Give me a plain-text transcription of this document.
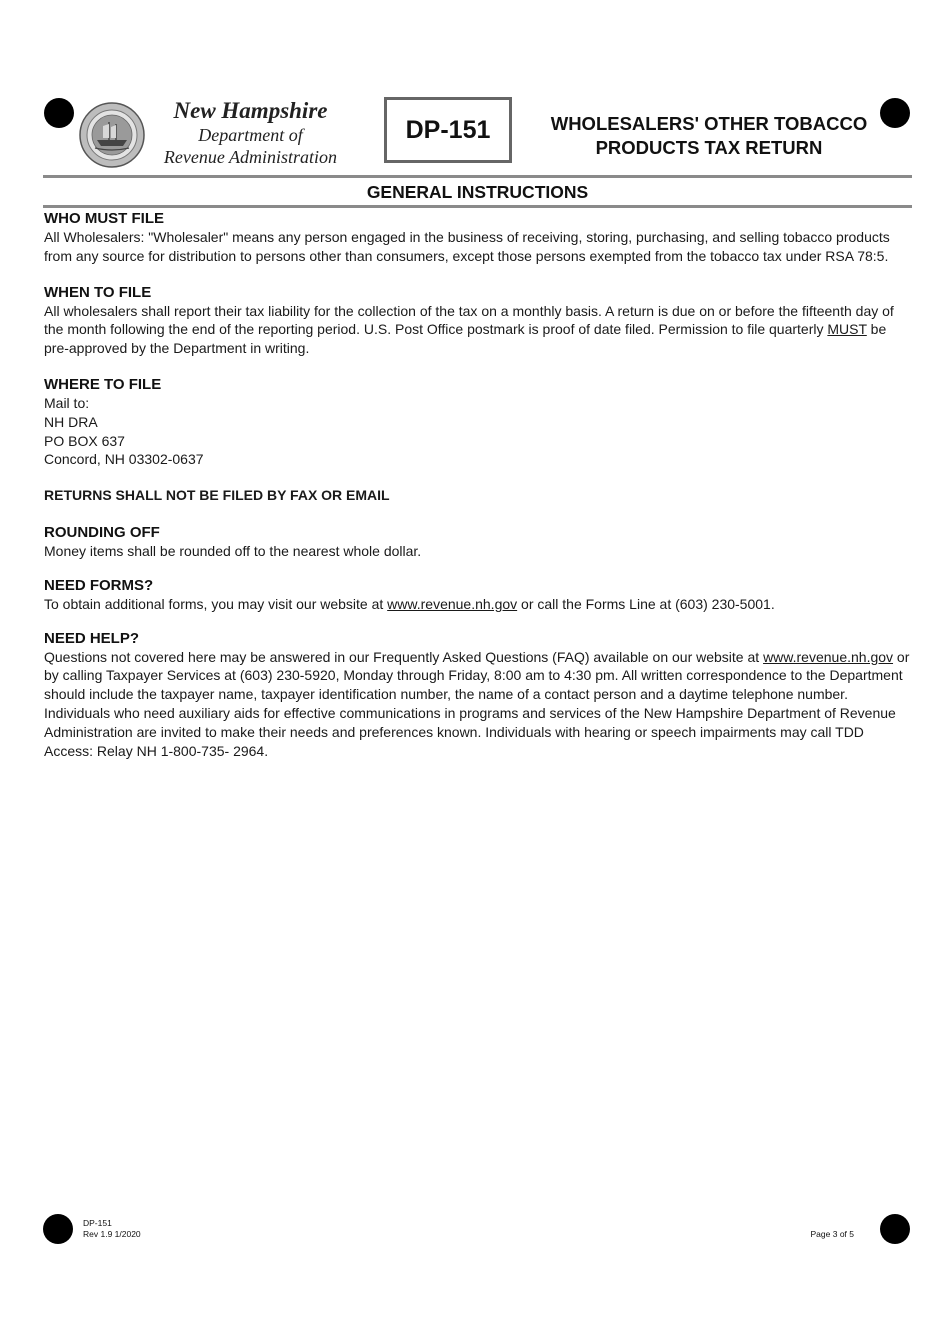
New Hampshire
Department of
Revenue Administration
DP-151	WHOLESALERS' OTHER TOBACCO
PRODUCTS TAX RETURN
GENERAL INSTRUCTIONS
WHO MUST FILE

All Wholesalers: "Wholesaler" means any person engaged in the business of receiving, storing, purchasing, and selling tobacco products from any source for distribution to persons other than consumers, except those persons exempted from the tobacco tax under RSA 78:5.

WHEN TO FILE

All wholesalers shall report their tax liability for the collection of the tax on a monthly basis. A return is due on or before the fifteenth day of the month following the end of the reporting period. U.S. Post Office postmark is proof of date filed. Permission to file quarterly MUST be pre-approved by the Department in writing.

WHERE TO FILE
Mail to:
NH DRA
PO BOX 637
Concord, NH 03302-0637
RETURNS SHALL NOT BE FILED BY FAX OR EMAIL
ROUNDING OFF

Money items shall be rounded off to the nearest whole dollar.

NEED FORMS?

To obtain additional forms, you may visit our website at www.revenue.nh.gov or call the Forms Line at (603) 230-5001.

NEED HELP?

Questions not covered here may be answered in our Frequently Asked Questions (FAQ) available on our website at www.revenue.nh.gov or by calling Taxpayer Services at (603) 230-5920, Monday through Friday, 8:00 am to 4:30 pm. All written correspondence to the Department should include the taxpayer name, taxpayer identification number, the name of a contact person and a daytime telephone number. Individuals who need auxiliary aids for effective communications in programs and services of the New Hampshire Department of Revenue Administration are invited to make their needs and preferences known. Individuals with hearing or speech impairments may call TDD Access: Relay NH 1-800-735- 2964.

DP-151
Rev 1.9 1/2020	Page 3 of 5
